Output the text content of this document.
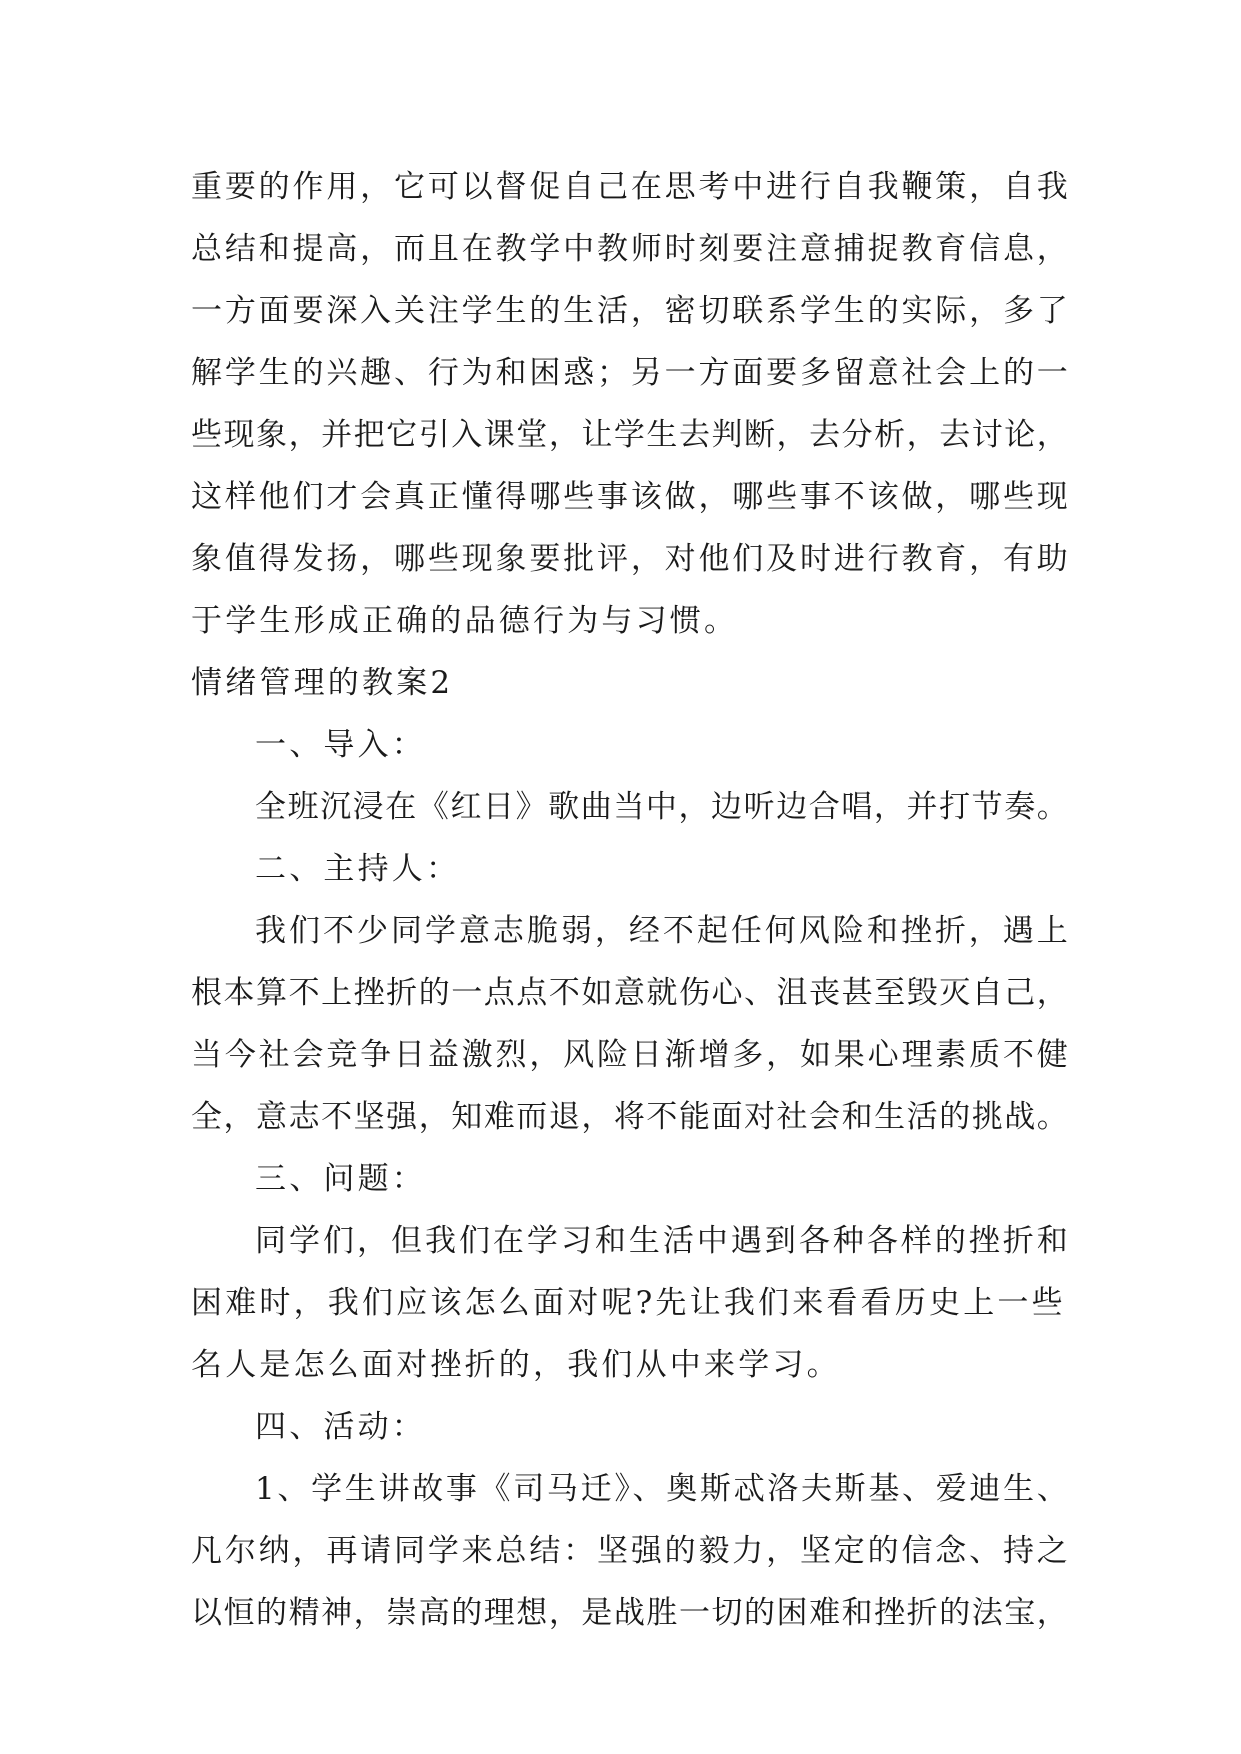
重要的作用，它可以督促自己在思考中进行自我鞭策，自我
总结和提高，而且在教学中教师时刻要注意捕捉教育信息，
一方面要深入关注学生的生活，密切联系学生的实际，多了
解学生的兴趣、行为和困惑；另一方面要多留意社会上的一
些现象，并把它引入课堂，让学生去判断，去分析，去讨论，
这样他们才会真正懂得哪些事该做，哪些事不该做，哪些现
象值得发扬，哪些现象要批评，对他们及时进行教育，有助
于学生形成正确的品德行为与习惯。
情绪管理的教案2
一、导入：
全班沉浸在《红日》歌曲当中，边听边合唱，并打节奏。
二、主持人：
我们不少同学意志脆弱，经不起任何风险和挫折，遇上
根本算不上挫折的一点点不如意就伤心、沮丧甚至毁灭自己，
当今社会竞争日益激烈，风险日渐增多，如果心理素质不健
全，意志不坚强，知难而退，将不能面对社会和生活的挑战。
三、问题：
同学们，但我们在学习和生活中遇到各种各样的挫折和
困难时，我们应该怎么面对呢?先让我们来看看历史上一些
名人是怎么面对挫折的，我们从中来学习。
四、活动：
1、学生讲故事《司马迁》、奥斯忒洛夫斯基、爱迪生、
凡尔纳，再请同学来总结：坚强的毅力，坚定的信念、持之
以恒的精神，崇高的理想，是战胜一切的困难和挫折的法宝，
